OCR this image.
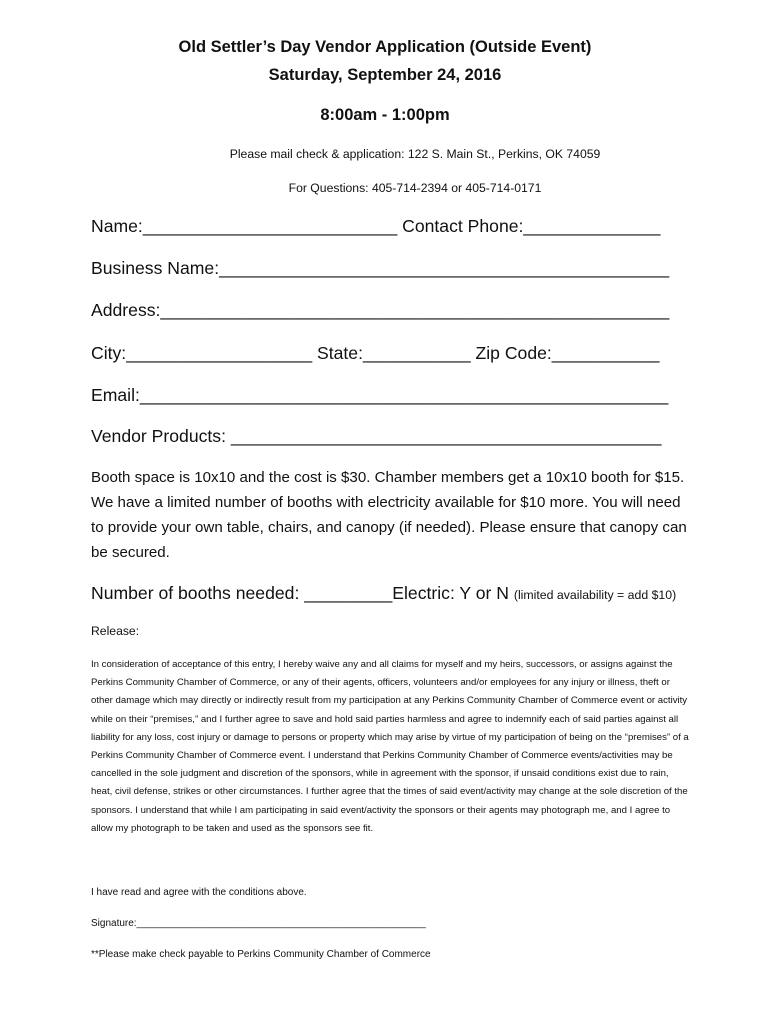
Old Settler’s Day Vendor Application (Outside Event)
Saturday, September 24, 2016
8:00am - 1:00pm
Please mail check & application: 122 S. Main St., Perkins, OK 74059
For Questions: 405-714-2394 or 405-714-0171
Name:__________________________ Contact Phone:______________
Business Name:______________________________________________
Address:____________________________________________________
City:___________________ State:___________ Zip Code:___________
Email:______________________________________________________
Vendor Products: ____________________________________________
Booth space is 10x10 and the cost is $30. Chamber members get a 10x10 booth for $15. We have a limited number of booths with electricity available for $10 more. You will need to provide your own table, chairs, and canopy (if needed). Please ensure that canopy can be secured.
Number of booths needed: _________Electric: Y or N (limited availability = add $10)
Release:
In consideration of acceptance of this entry, I hereby waive any and all claims for myself and my heirs, successors, or assigns against the Perkins Community Chamber of Commerce, or any of their agents, officers, volunteers and/or employees for any injury or illness, theft or other damage which may directly or indirectly result from my participation at any Perkins Community Chamber of Commerce event or activity while on their “premises,” and I further agree to save and hold said parties harmless and agree to indemnify each of said parties against all liability for any loss, cost injury or damage to persons or property which may arise by virtue of my participation of being on the “premises” of a Perkins Community Chamber of Commerce event. I understand that Perkins Community Chamber of Commerce events/activities may be cancelled in the sole judgment and discretion of the sponsors, while in agreement with the sponsor, if unsaid conditions exist due to rain, heat, civil defense, strikes or other circumstances. I further agree that the times of said event/activity may change at the sole discretion of the sponsors. I understand that while I am participating in said event/activity the sponsors or their agents may photograph me, and I agree to allow my photograph to be taken and used as the sponsors see fit.
I have read and agree with the conditions above.
Signature:____________________________________________________
**Please make check payable to Perkins Community Chamber of Commerce
